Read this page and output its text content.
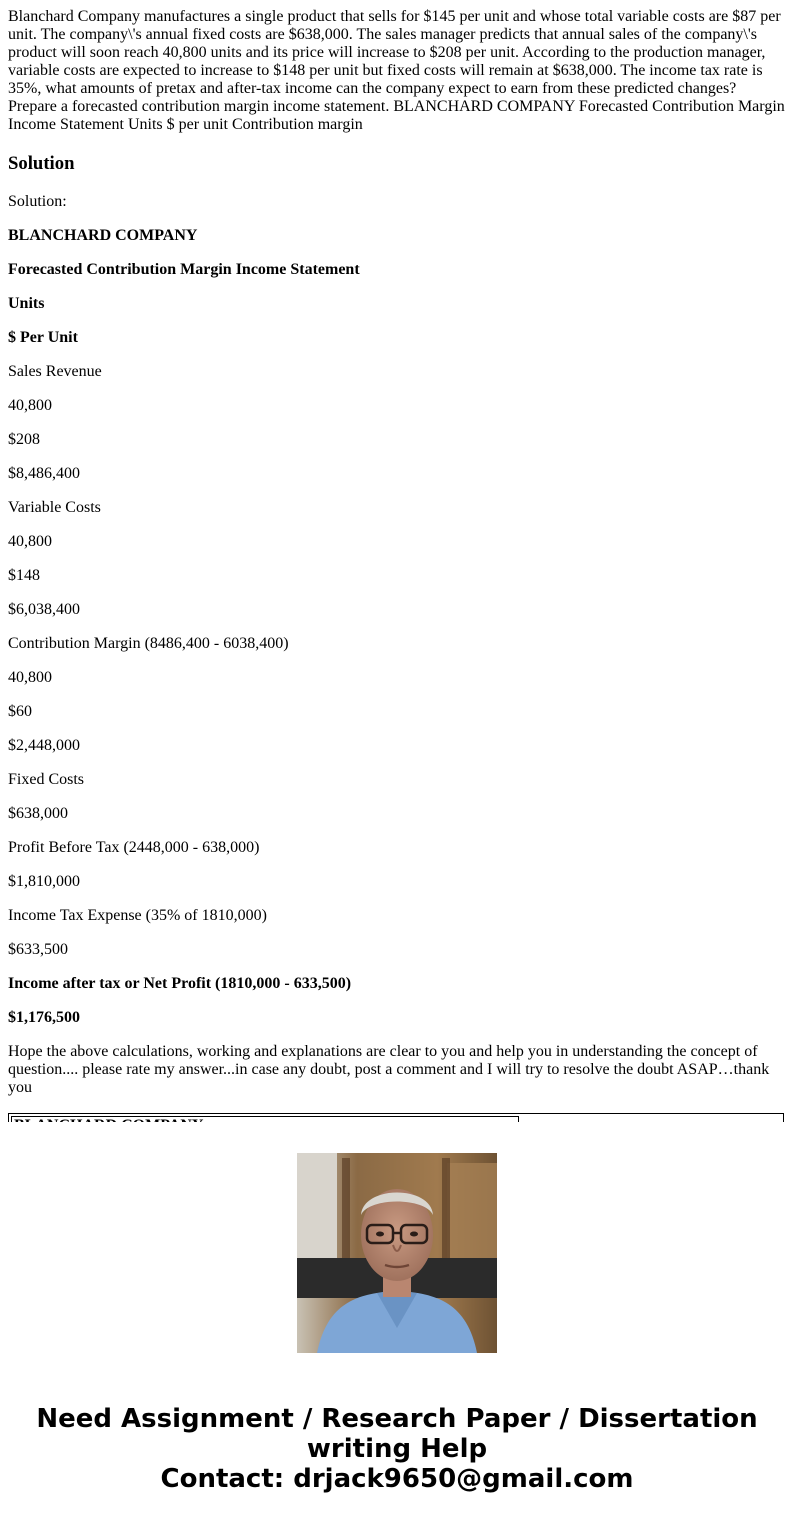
Blanchard Company manufactures a single product that sells for $145 per unit and whose total variable costs are $87 per unit. The company\'s annual fixed costs are $638,000. The sales manager predicts that annual sales of the company\'s product will soon reach 40,800 units and its price will increase to $208 per unit. According to the production manager, variable costs are expected to increase to $148 per unit but fixed costs will remain at $638,000. The income tax rate is 35%, what amounts of pretax and after-tax income can the company expect to earn from these predicted changes? Prepare a forecasted contribution margin income statement. BLANCHARD COMPANY Forecasted Contribution Margin Income Statement Units $ per unit Contribution margin
Solution
Solution:
BLANCHARD COMPANY
Forecasted Contribution Margin Income Statement
Units
$ Per Unit
Sales Revenue
40,800
$208
$8,486,400
Variable Costs
40,800
$148
$6,038,400
Contribution Margin (8486,400 - 6038,400)
40,800
$60
$2,448,000
Fixed Costs
$638,000
Profit Before Tax (2448,000 - 638,000)
$1,810,000
Income Tax Expense (35% of 1810,000)
$633,500
Income after tax or Net Profit (1810,000 - 633,500)
$1,176,500
Hope the above calculations, working and explanations are clear to you and help you in understanding the concept of question.... please rate my answer...in case any doubt, post a comment and I will try to resolve the doubt ASAP…thank you
Need Assignment / Research Paper / Dissertation
writing Help
Contact: drjack9650@gmail.com
